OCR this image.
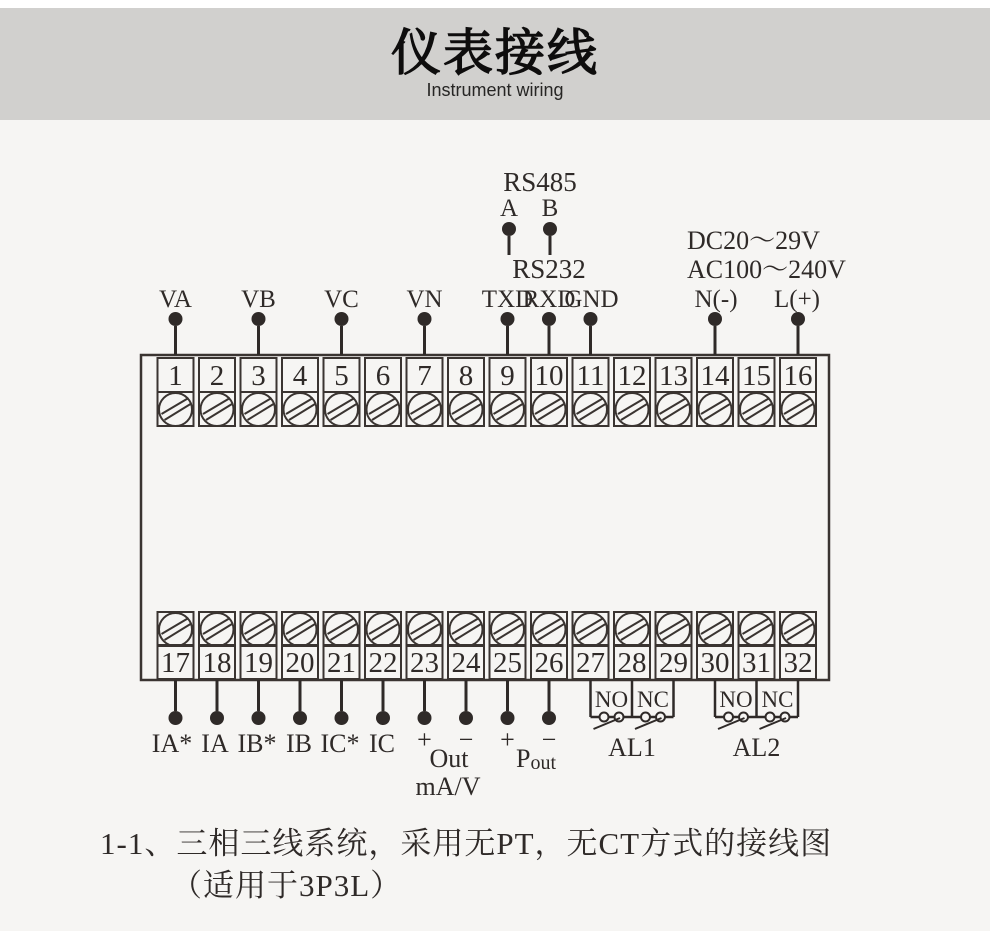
仪表接线
Instrument wiring
1 2 3 4 5 6 7 8 9 10 11 12 13 14 15 16
17 18 19 20 21 22 23 24 25 26 27 28 29 30 31 32
VA VB VC VN TXD
RXD
GND
RS485
A B
RS232
DC20～29V
AC100～240V
N(-) L(+)
IA* IA IB* IB IC* IC + −
Out
mA/V
+ −
Pout
NO NC NO NC
AL1	AL2
1-1、三相三线系统，采用无PT，无CT方式的接线图
（适用于3P3L）
